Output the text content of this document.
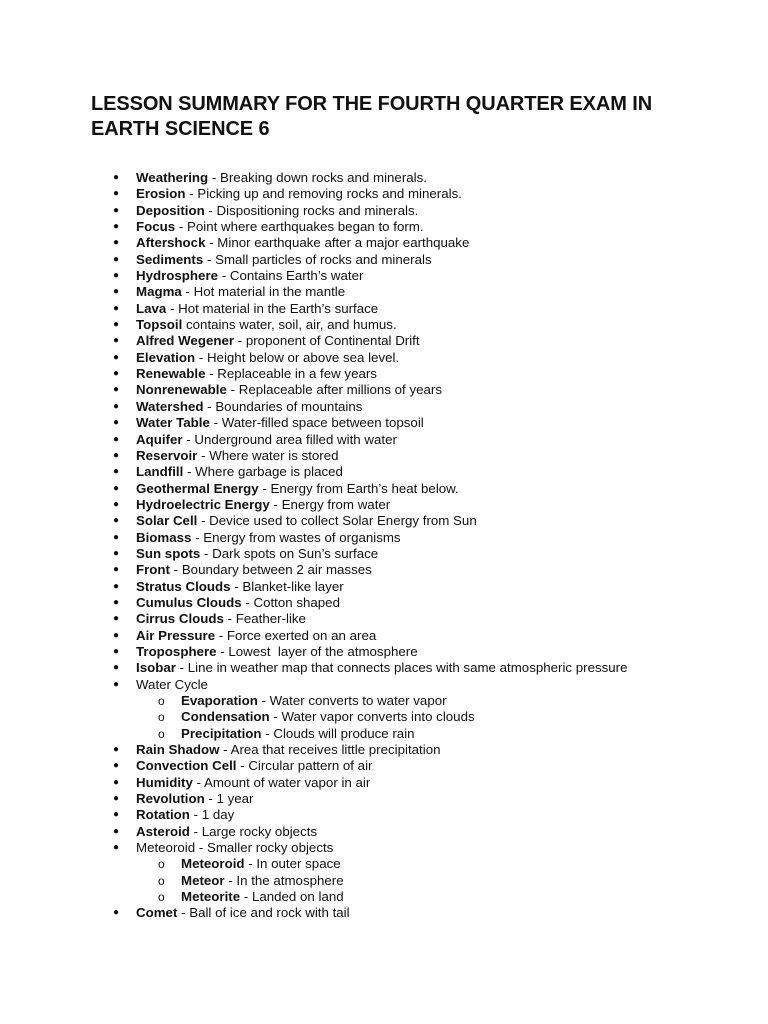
LESSON SUMMARY FOR THE FOURTH QUARTER EXAM IN
EARTH SCIENCE 6
● Weathering - Breaking down rocks and minerals.
● Erosion - Picking up and removing rocks and minerals.
● Deposition - Dispositioning rocks and minerals.
● Focus - Point where earthquakes began to form.
● Aftershock - Minor earthquake after a major earthquake
● Sediments - Small particles of rocks and minerals
● Hydrosphere - Contains Earth’s water
● Magma - Hot material in the mantle
● Lava - Hot material in the Earth’s surface
● Topsoil contains water, soil, air, and humus.
● Alfred Wegener - proponent of Continental Drift
● Elevation - Height below or above sea level.
● Renewable - Replaceable in a few years
● Nonrenewable - Replaceable after millions of years
● Watershed - Boundaries of mountains
● Water Table - Water-filled space between topsoil
● Aquifer - Underground area filled with water
● Reservoir - Where water is stored
● Landfill - Where garbage is placed
● Geothermal Energy - Energy from Earth’s heat below.
● Hydroelectric Energy - Energy from water
● Solar Cell - Device used to collect Solar Energy from Sun
● Biomass - Energy from wastes of organisms
● Sun spots - Dark spots on Sun’s surface
● Front - Boundary between 2 air masses
● Stratus Clouds - Blanket-like layer
● Cumulus Clouds - Cotton shaped
● Cirrus Clouds - Feather-like
● Air Pressure - Force exerted on an area
● Troposphere - Lowest  layer of the atmosphere
● Isobar - Line in weather map that connects places with same atmospheric pressure
● Water Cycle
o Evaporation - Water converts to water vapor
o Condensation - Water vapor converts into clouds
o Precipitation - Clouds will produce rain
● Rain Shadow - Area that receives little precipitation
● Convection Cell - Circular pattern of air
● Humidity - Amount of water vapor in air
● Revolution - 1 year
● Rotation - 1 day
● Asteroid - Large rocky objects
● Meteoroid - Smaller rocky objects
o Meteoroid - In outer space
o Meteor - In the atmosphere
o Meteorite - Landed on land
● Comet - Ball of ice and rock with tail
